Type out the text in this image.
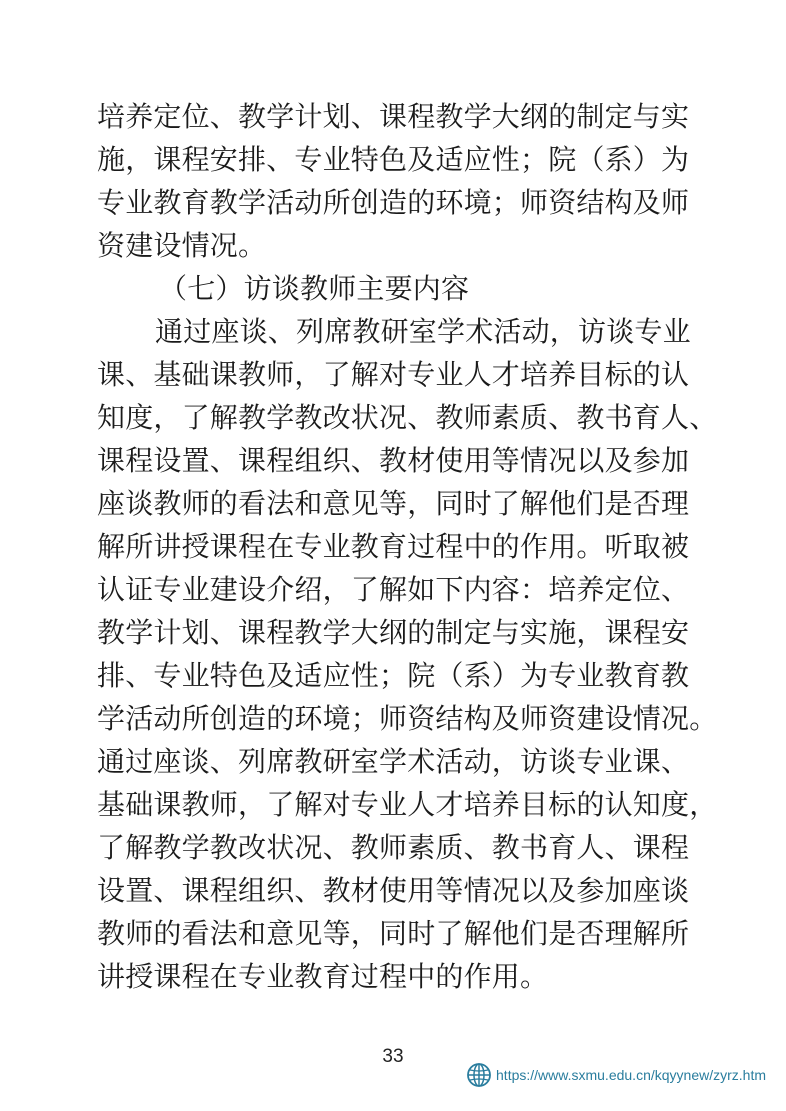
培养定位、教学计划、课程教学大纲的制定与实
施，课程安排、专业特色及适应性；院（系）为
专业教育教学活动所创造的环境；师资结构及师
资建设情况。
（七）访谈教师主要内容
通过座谈、列席教研室学术活动，访谈专业
课、基础课教师，了解对专业人才培养目标的认
知度，了解教学教改状况、教师素质、教书育人、
课程设置、课程组织、教材使用等情况以及参加
座谈教师的看法和意见等，同时了解他们是否理
解所讲授课程在专业教育过程中的作用。听取被
认证专业建设介绍，了解如下内容：培养定位、
教学计划、课程教学大纲的制定与实施，课程安
排、专业特色及适应性；院（系）为专业教育教
学活动所创造的环境；师资结构及师资建设情况。
通过座谈、列席教研室学术活动，访谈专业课、
基础课教师，了解对专业人才培养目标的认知度，
了解教学教改状况、教师素质、教书育人、课程
设置、课程组织、教材使用等情况以及参加座谈
教师的看法和意见等，同时了解他们是否理解所
讲授课程在专业教育过程中的作用。
33
https://www.sxmu.edu.cn/kqyynew/zyrz.htm
